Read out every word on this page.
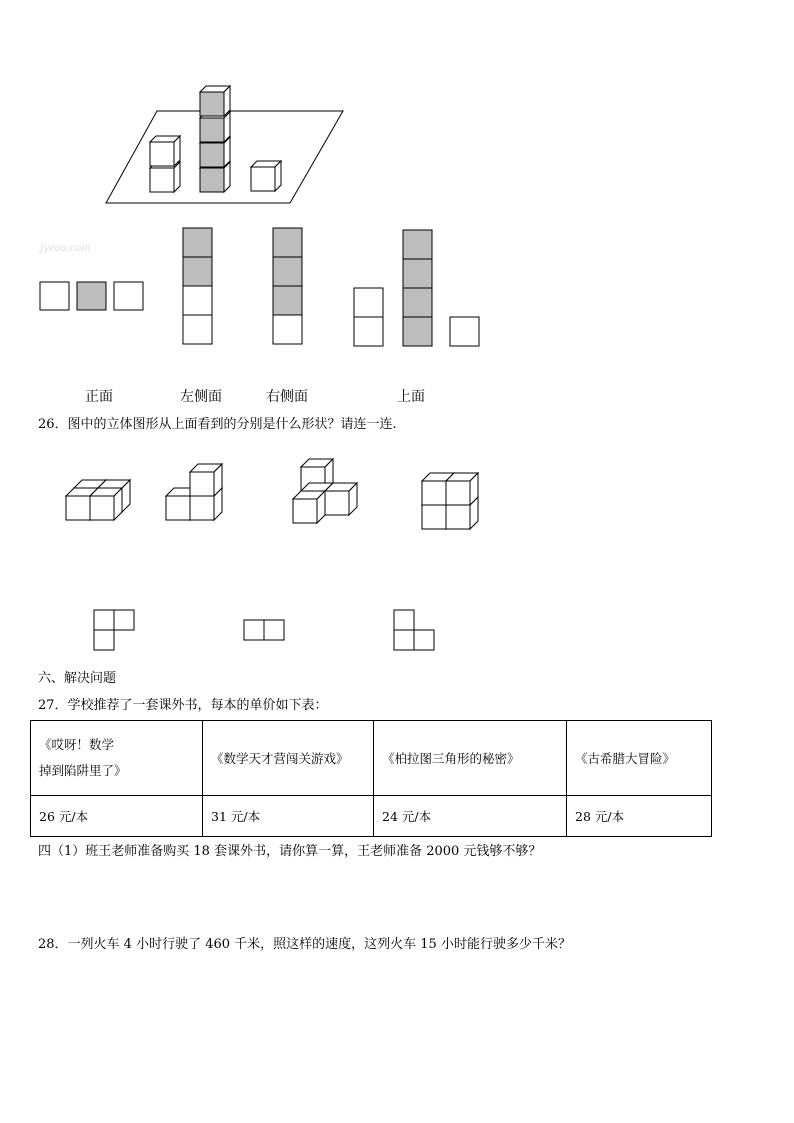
jyeoo.com
正面	左侧面	右侧面	上面
26．图中的立体图形从上面看到的分别是什么形状？请连一连.
六、解决问题
27．学校推荐了一套课外书，每本的单价如下表：
《哎呀！数学
掉到陷阱里了》	《数学天才营闯关游戏》	《柏拉图三角形的秘密》	《古希腊大冒险》
26 元/本	31 元/本	24 元/本	28 元/本
四（1）班王老师准备购买 18 套课外书，请你算一算，王老师准备 2000 元钱够不够？
28．一列火车 4 小时行驶了 460 千米，照这样的速度，这列火车 15 小时能行驶多少千米？
